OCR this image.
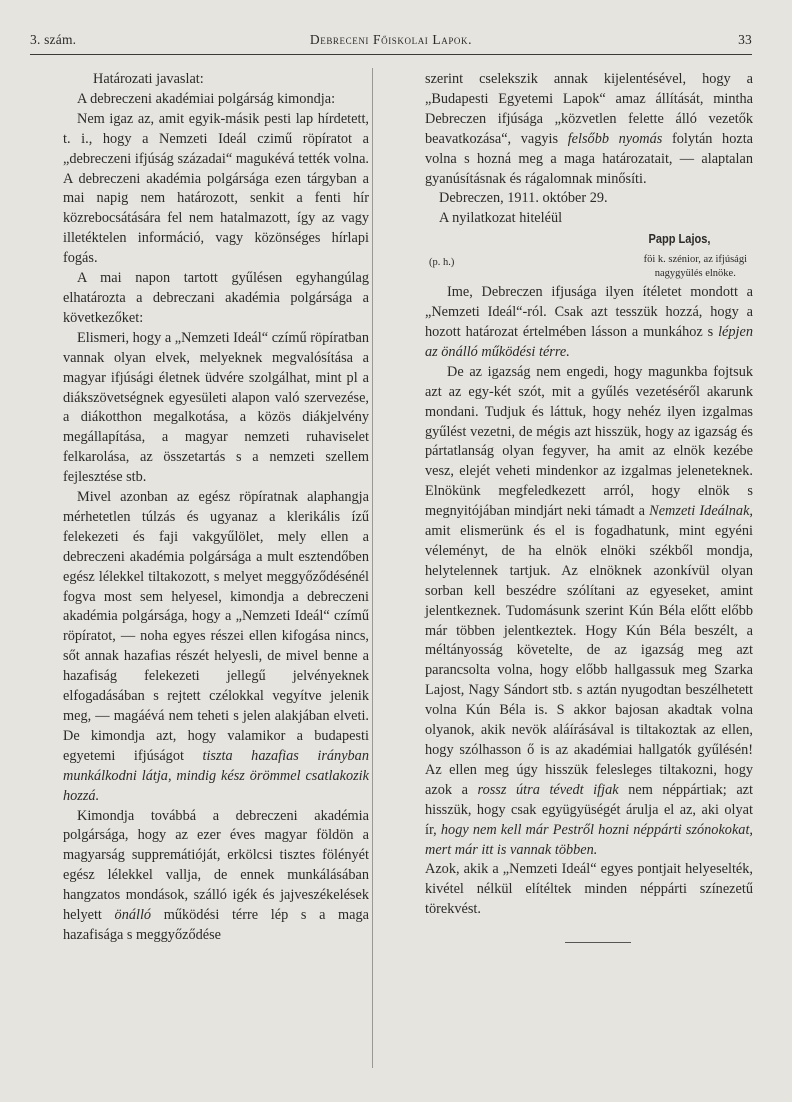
3. szám.	Debreceni Főiskolai Lapok.	33

Határozati javaslat:

A debreczeni akadémiai polgárság kimondja:

Nem igaz az, amit egyik-másik pesti lap hírdetett, t. i., hogy a Nemzeti Ideál czimű röpíratot a „debreczeni ifjúság századai“ magukévá tették volna. A debreczeni akadémia polgársága ezen tárgyban a mai napig nem határozott, senkit a fenti hír közrebocsátására fel nem hatalmazott, így az vagy illetéktelen információ, vagy közönséges hírlapi fogás.

A mai napon tartott gyűlésen egyhangúlag elhatározta a debreczani akadémia polgársága a következőket:

Elismeri, hogy a „Nemzeti Ideál“ czímű röpíratban vannak olyan elvek, melyeknek megvalósítása a magyar ifjúsági életnek üdvére szolgálhat, mint pl a diákszövetségnek egyesületi alapon való szervezése, a diákotthon megalkotása, a közös diákjelvény megállapítása, a magyar nemzeti ruhaviselet felkarolása, az összetartás s a nemzeti szellem fejlesztése stb.

Mivel azonban az egész röpíratnak alaphangja mérhetetlen túlzás és ugyanaz a klerikális ízű felekezeti és faji vakgyűlölet, mely ellen a debreczeni akadémia polgársága a mult esztendőben egész lélekkel tiltakozott, s melyet meggyőződésénél fogva most sem helyesel, kimondja a debreczeni akadémia polgársága, hogy a „Nemzeti Ideál“ czímű röpíratot, — noha egyes részei ellen kifogása nincs, sőt annak hazafias részét helyesli, de mivel benne a hazafiság felekezeti jellegű jelvényeknek elfogadásában s rejtett czélokkal vegyítve jelenik meg, — magáévá nem teheti s jelen alakjában elveti. De kimondja azt, hogy valamikor a budapesti egyetemi ifjúságot tiszta hazafias irányban munkálkodni látja, mindig kész örömmel csatlakozik hozzá.

Kimondja továbbá a debreczeni akadémia polgársága, hogy az ezer éves magyar földön a magyarság suppremátióját, erkölcsi tisztes fölényét egész lélekkel vallja, de ennek munkálásában hangzatos mondások, szálló igék és jajveszékelések helyett önálló működési térre lép s a maga hazafisága s meggyőződése

szerint cselekszik annak kijelentésével, hogy a „Budapesti Egyetemi Lapok“ amaz állítását, mintha Debreczen ifjúsága „közvetlen felette álló vezetők beavatkozása“, vagyis felsőbb nyomás folytán hozta volna s hozná meg a maga határozatait, — alaptalan gyanúsításnak és rágalomnak minősíti.

Debreczen, 1911. október 29.

A nyilatkozat hiteléül

Papp Lajos,
(p. h.)	föi k. szénior, az ifjúsági
nagygyülés elnöke.

Ime, Debreczen ifjusága ilyen ítéletet mondott a „Nemzeti Ideál“-ról. Csak azt tesszük hozzá, hogy a hozott határozat értelmében lásson a munkához s lépjen az önálló működési térre.

De az igazság nem engedi, hogy magunkba fojtsuk azt az egy-két szót, mit a gyűlés vezetéséről akarunk mondani. Tudjuk és láttuk, hogy nehéz ilyen izgalmas gyűlést vezetni, de mégis azt hisszük, hogy az igazság és pártatlanság olyan fegyver, ha amit az elnök kezébe vesz, elejét veheti mindenkor az izgalmas jeleneteknek. Elnökünk megfeledkezett arról, hogy elnök s megnyitójában mindjárt neki támadt a Nemzeti Ideálnak, amit elismerünk és el is fogadhatunk, mint egyéni véleményt, de ha elnök elnöki székből mondja, helytelennek tartjuk. Az elnöknek azonkívül olyan sorban kell beszédre szólítani az egyeseket, amint jelentkeznek. Tudomásunk szerint Kún Béla előtt előbb már többen jelentkeztek. Hogy Kún Béla beszélt, a méltányosság követelte, de az igazság meg azt parancsolta volna, hogy előbb hallgassuk meg Szarka Lajost, Nagy Sándort stb. s aztán nyugodtan beszélhetett volna Kún Béla is. S akkor bajosan akadtak volna olyanok, akik nevök aláírásával is tiltakoztak az ellen, hogy szólhasson ő is az akadémiai hallgatók gyűlésén! Az ellen meg úgy hisszük felesleges tiltakozni, hogy azok a rossz útra tévedt ifjak nem néppártiak; azt hisszük, hogy csak együgyüségét árulja el az, aki olyat ír, hogy nem kell már Pestről hozni néppárti szónokokat, mert már itt is vannak többen.

Azok, akik a „Nemzeti Ideál“ egyes pontjait helyeselték, kivétel nélkül elítéltek minden néppárti színezetű törekvést.
